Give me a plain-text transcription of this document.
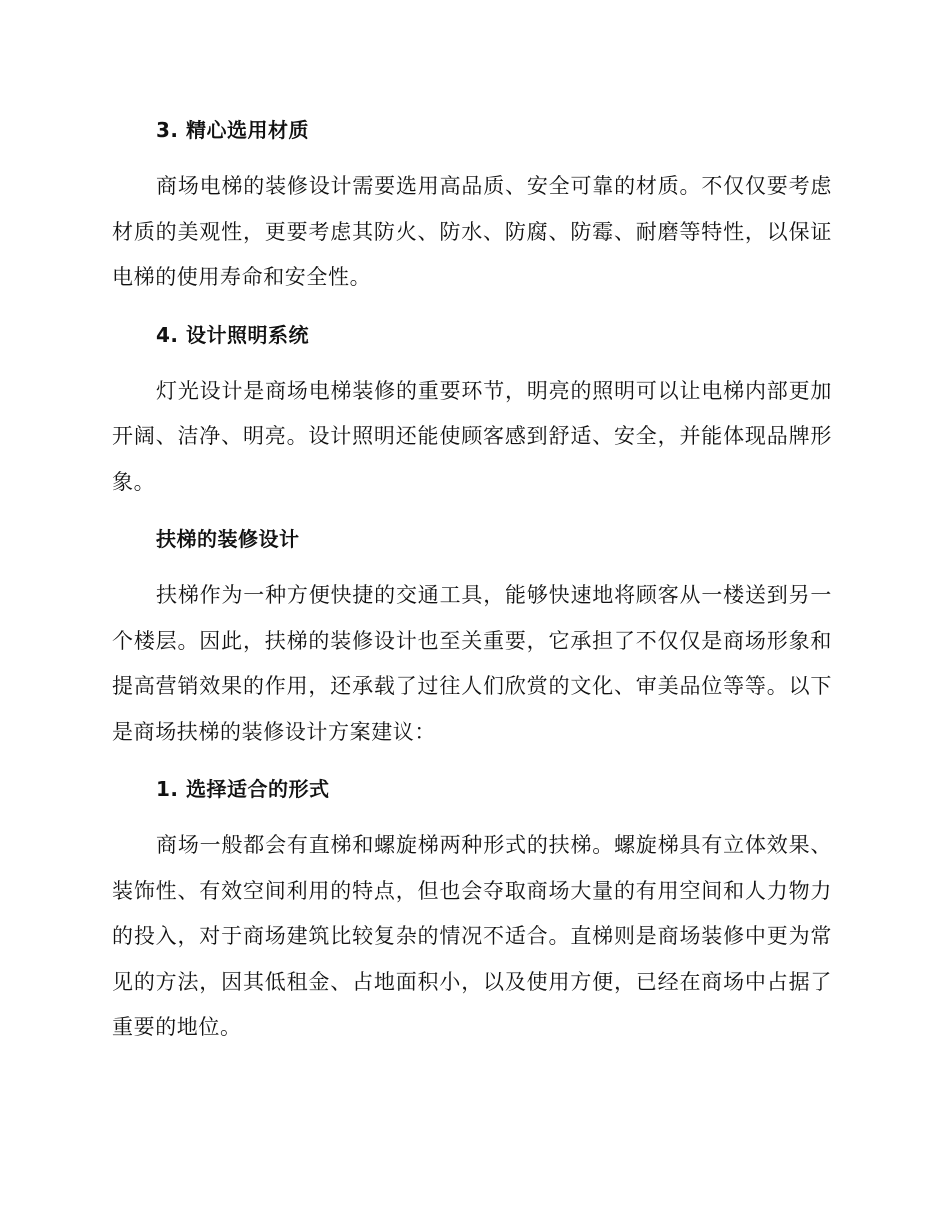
3. 精心选用材质

商场电梯的装修设计需要选用高品质、安全可靠的材质。不仅仅要考虑材质的美观性，更要考虑其防火、防水、防腐、防霉、耐磨等特性，以保证电梯的使用寿命和安全性。

4. 设计照明系统

灯光设计是商场电梯装修的重要环节，明亮的照明可以让电梯内部更加开阔、洁净、明亮。设计照明还能使顾客感到舒适、安全，并能体现品牌形象。

扶梯的装修设计

扶梯作为一种方便快捷的交通工具，能够快速地将顾客从一楼送到另一个楼层。因此，扶梯的装修设计也至关重要，它承担了不仅仅是商场形象和提高营销效果的作用，还承载了过往人们欣赏的文化、审美品位等等。以下是商场扶梯的装修设计方案建议：

1. 选择适合的形式

商场一般都会有直梯和螺旋梯两种形式的扶梯。螺旋梯具有立体效果、装饰性、有效空间利用的特点，但也会夺取商场大量的有用空间和人力物力的投入，对于商场建筑比较复杂的情况不适合。直梯则是商场装修中更为常见的方法，因其低租金、占地面积小，以及使用方便，已经在商场中占据了重要的地位。
